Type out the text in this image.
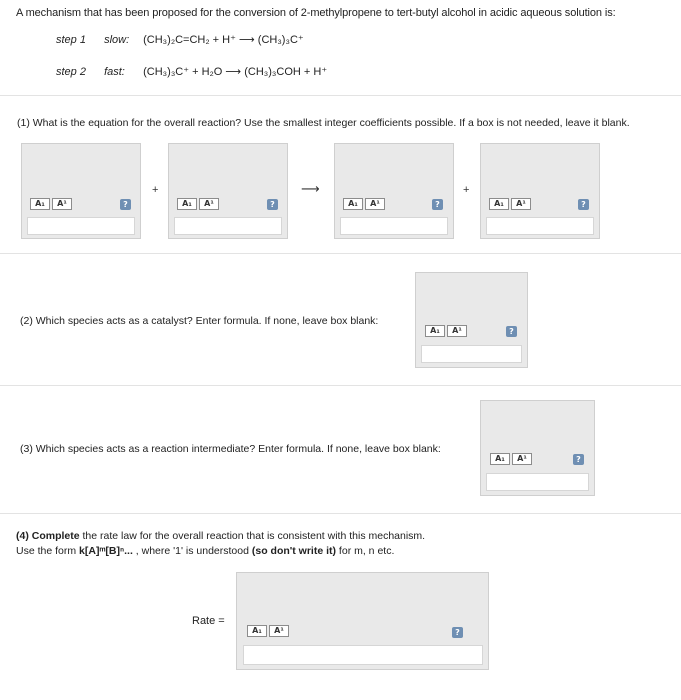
A mechanism that has been proposed for the conversion of 2-methylpropene to tert-butyl alcohol in acidic aqueous solution is:
step 1 slow: (CH₃)₂C=CH₂ + H⁺ ⟶ (CH₃)₃C⁺
step 2 fast: (CH₃)₃C⁺ + H₂O ⟶ (CH₃)₃COH + H⁺
(1) What is the equation for the overall reaction? Use the smallest integer coefficients possible. If a box is not needed, leave it blank.
A₁	A¹	?
+
A₁	A¹	?
⟶
A₁	A¹	?
+
A₁	A¹	?
(2) Which species acts as a catalyst? Enter formula. If none, leave box blank:
A₁	A¹	?
(3) Which species acts as a reaction intermediate? Enter formula. If none, leave box blank:
A₁	A¹	?
(4) Complete the rate law for the overall reaction that is consistent with this mechanism.
Use the form k[A]ᵐ[B]ⁿ... , where '1' is understood (so don't write it) for m, n etc.
Rate =
A₁	A¹	?
